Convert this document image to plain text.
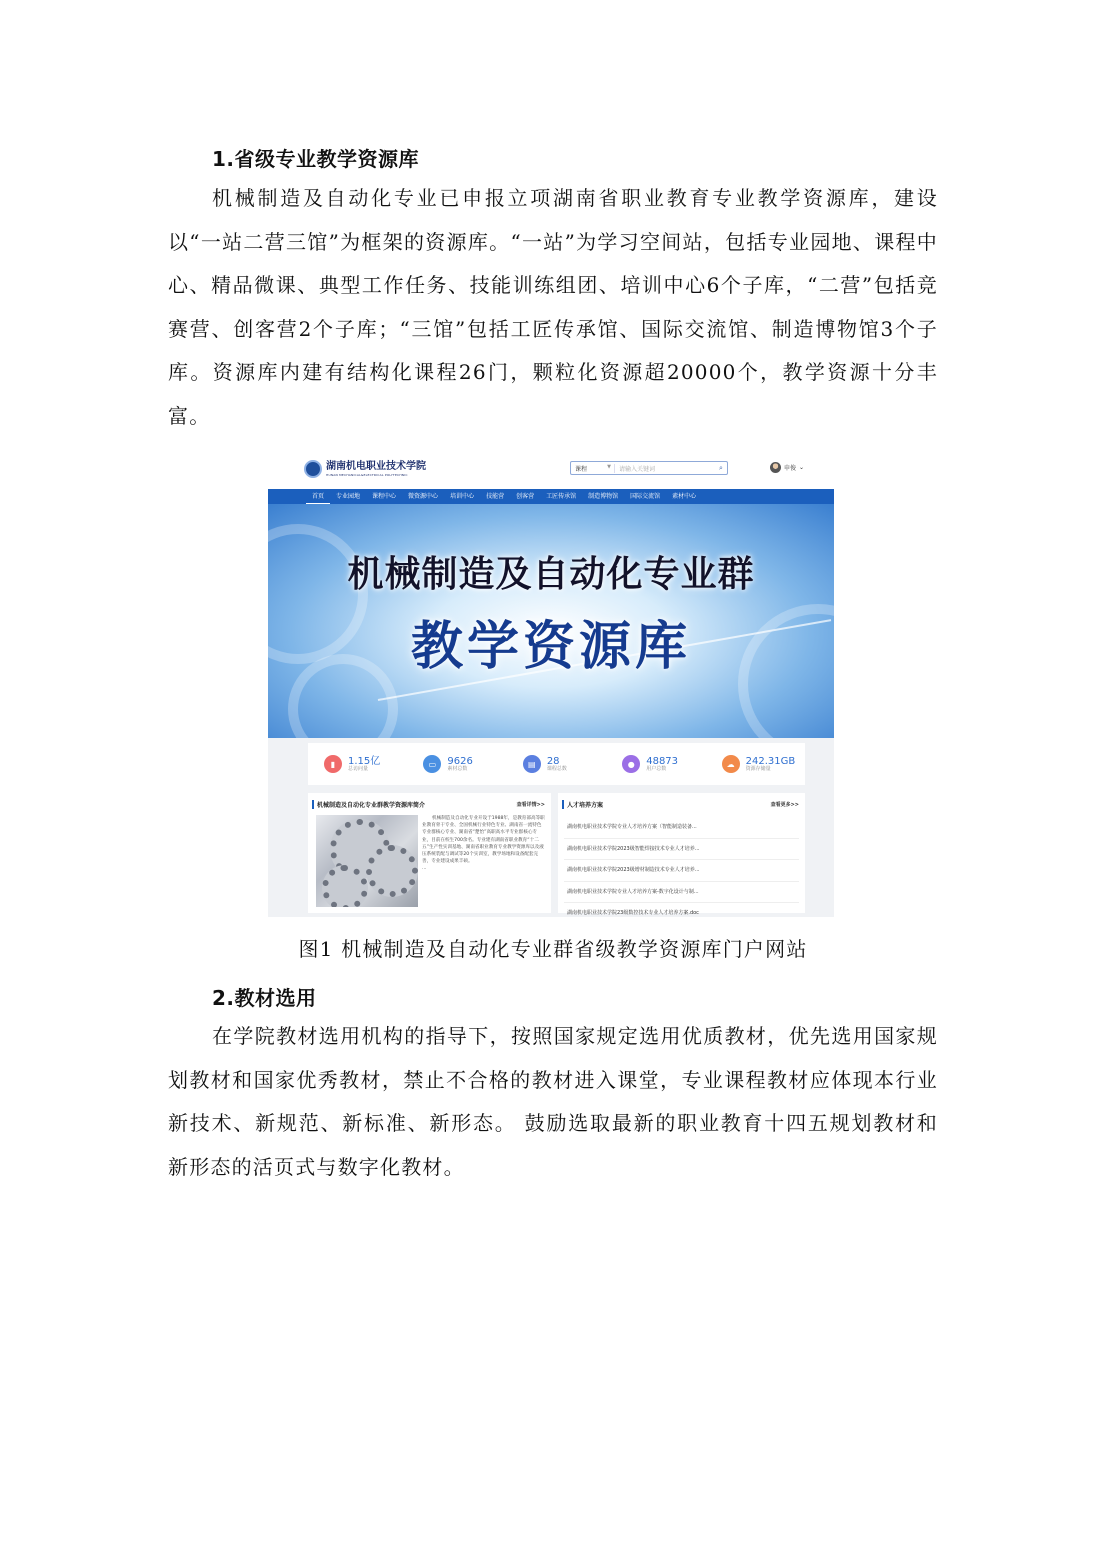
1.省级专业教学资源库

机械制造及自动化专业已申报立项湖南省职业教育专业教学资源库，建设以“一站二营三馆”为框架的资源库。“一站”为学习空间站，包括专业园地、课程中心、精品微课、典型工作任务、技能训练组团、培训中心6个子库，“二营”包括竞赛营、创客营2个子库；“三馆”包括工匠传承馆、国际交流馆、制造博物馆3个子库。资源库内建有结构化课程26门，颗粒化资源超20000个，教学资源十分丰富。

湖南机电职业技术学院
HUNAN MECHANICAL&ELECTRICAL POLYTECHNIC
课程	▼	请输入关键词	⌕	申俊 ⌄
首页	专业园地	课程中心	微资源中心	培训中心	技能营	创客营	工匠传承馆	制造博物馆	国际交流馆	素材中心
机械制造及自动化专业群
教学资源库
▮	1.15亿
总访问量
▭	9626
素材总数
▤	28
课程总数
●	48873
用户总数
☁	242.31GB
资源存储量
机械制造及自动化专业群教学资源库简介	查看详情>>
机械制造及自动化专业开设于1988年，是教育部高等职业教育骨干专业、全国机械行业特色专业、湖南省一流特色专业群核心专业、湖南省“楚怡”高职高水平专业群核心专业，目前在校生700余名。专业建有湖南省职业教育“十二五”生产性实训基地、湖南省职业教育专业教学资源库以及液压系统装配与调试等20个实训室，教学场地和设备配套完善，专业建设成果丰硕。
...
人才培养方案	查看更多>>
湖南机电职业技术学院专业人才培养方案（智能制造装备...
湖南机电职业技术学院2023级智能焊接技术专业人才培养...
湖南机电职业技术学院2023级增材制造技术专业人才培养...
湖南机电职业技术学院专业人才培养方案-数字化设计与制...
湖南机电职业技术学院23级数控技术专业人才培养方案.doc
图1 机械制造及自动化专业群省级教学资源库门户网站
2.教材选用

在学院教材选用机构的指导下，按照国家规定选用优质教材，优先选用国家规划教材和国家优秀教材，禁止不合格的教材进入课堂，专业课程教材应体现本行业新技术、新规范、新标准、新形态。 鼓励选取最新的职业教育十四五规划教材和新形态的活页式与数字化教材。
